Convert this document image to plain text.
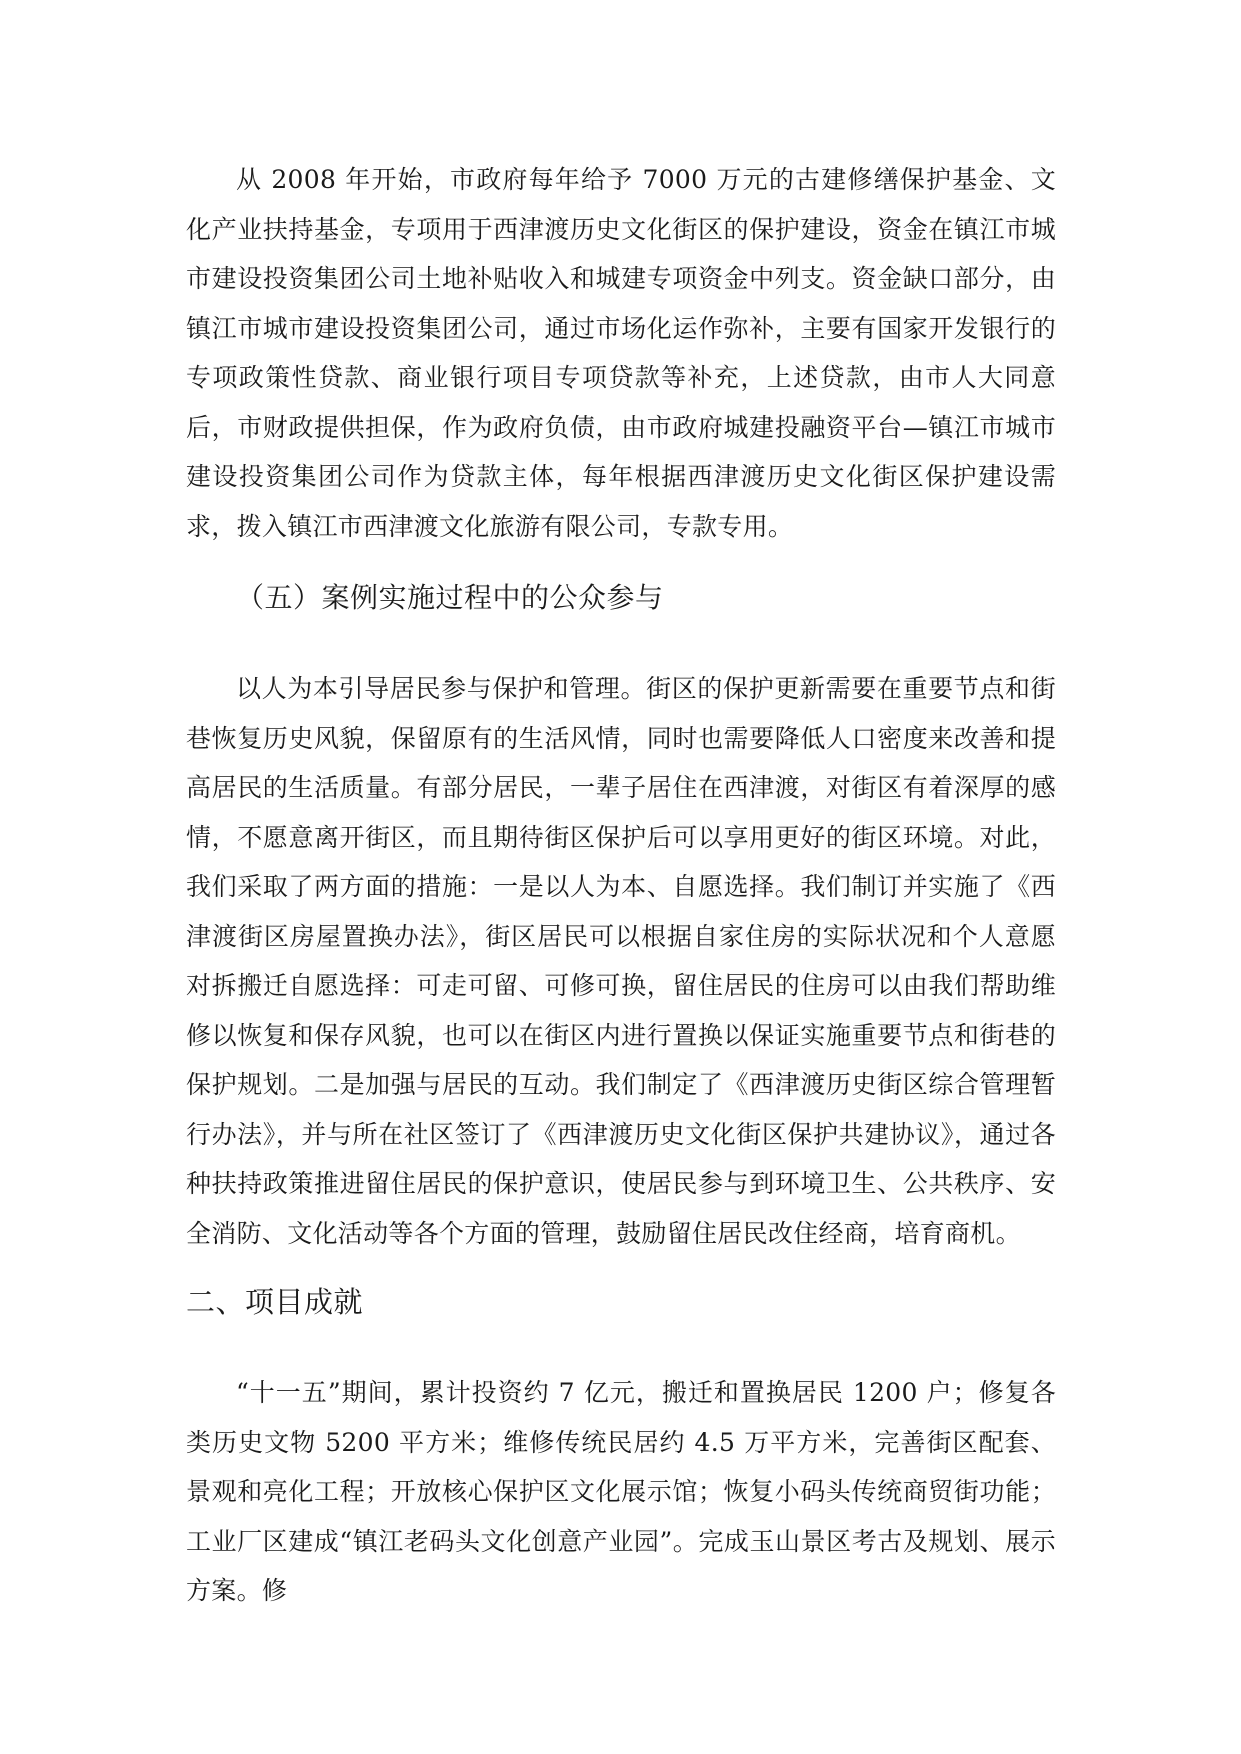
从 2008 年开始，市政府每年给予 7000 万元的古建修缮保护基金、文化产业扶持基金，专项用于西津渡历史文化街区的保护建设，资金在镇江市城市建设投资集团公司土地补贴收入和城建专项资金中列支。资金缺口部分，由镇江市城市建设投资集团公司，通过市场化运作弥补，主要有国家开发银行的专项政策性贷款、商业银行项目专项贷款等补充，上述贷款，由市人大同意后，市财政提供担保，作为政府负债，由市政府城建投融资平台—镇江市城市建设投资集团公司作为贷款主体，每年根据西津渡历史文化街区保护建设需求，拨入镇江市西津渡文化旅游有限公司，专款专用。

（五）案例实施过程中的公众参与

以人为本引导居民参与保护和管理。街区的保护更新需要在重要节点和街巷恢复历史风貌，保留原有的生活风情，同时也需要降低人口密度来改善和提高居民的生活质量。有部分居民，一辈子居住在西津渡，对街区有着深厚的感情，不愿意离开街区，而且期待街区保护后可以享用更好的街区环境。对此，我们采取了两方面的措施：一是以人为本、自愿选择。我们制订并实施了《西津渡街区房屋置换办法》，街区居民可以根据自家住房的实际状况和个人意愿对拆搬迁自愿选择：可走可留、可修可换，留住居民的住房可以由我们帮助维修以恢复和保存风貌，也可以在街区内进行置换以保证实施重要节点和街巷的保护规划。二是加强与居民的互动。我们制定了《西津渡历史街区综合管理暂行办法》，并与所在社区签订了《西津渡历史文化街区保护共建协议》，通过各种扶持政策推进留住居民的保护意识，使居民参与到环境卫生、公共秩序、安全消防、文化活动等各个方面的管理，鼓励留住居民改住经商，培育商机。

二、项目成就

“十一五”期间，累计投资约 7 亿元，搬迁和置换居民 1200 户；修复各类历史文物 5200 平方米；维修传统民居约 4.5 万平方米，完善街区配套、景观和亮化工程；开放核心保护区文化展示馆；恢复小码头传统商贸街功能；工业厂区建成“镇江老码头文化创意产业园”。完成玉山景区考古及规划、展示方案。修
